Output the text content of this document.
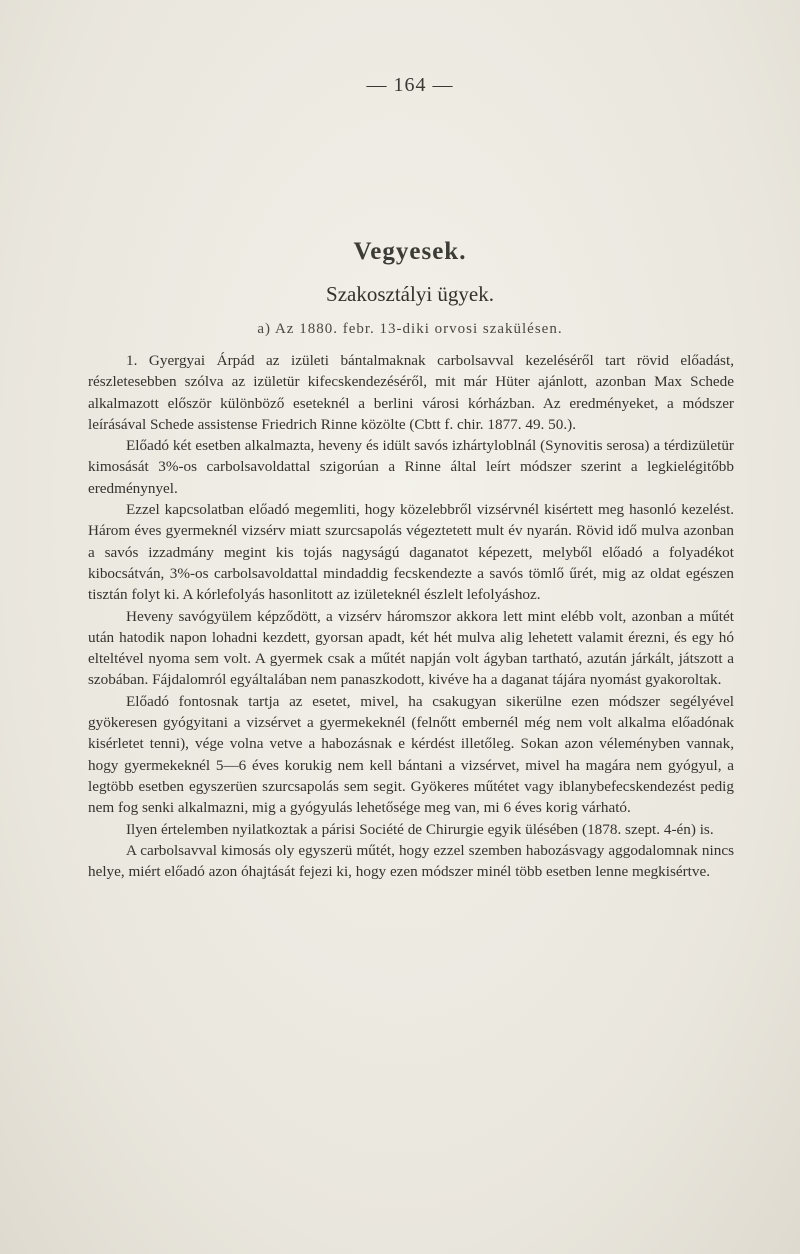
— 164 —
Vegyesek.
Szakosztályi ügyek.
a) Az 1880. febr. 13-diki orvosi szakülésen.

1. Gyergyai Árpád az izületi bántalmaknak carbolsavval kezeléséről tart rövid előadást, részletesebben szólva az izületür kifecskendezéséről, mit már Hüter ajánlott, azonban Max Schede alkalmazott először különböző eseteknél a berlini városi kórházban. Az eredményeket, a módszer leírásával Schede assistense Friedrich Rinne közölte (Cbtt f. chir. 1877. 49. 50.).

Előadó két esetben alkalmazta, heveny és idült savós izhártyloblnál (Synovitis serosa) a térdizületür kimosását 3%-os carbolsavoldattal szigorúan a Rinne által leírt módszer szerint a legkielégitőbb eredménynyel.

Ezzel kapcsolatban előadó megemliti, hogy közelebbről vizsérvnél kisértett meg hasonló kezelést. Három éves gyermeknél vizsérv miatt szurcsapolás végeztetett mult év nyarán. Rövid idő mulva azonban a savós izzadmány megint kis tojás nagyságú daganatot képezett, melyből előadó a folyadékot kibocsátván, 3%-os carbolsavoldattal mindaddig fecskendezte a savós tömlő űrét, mig az oldat egészen tisztán folyt ki. A kórlefolyás hasonlitott az izületeknél észlelt lefolyáshoz.

Heveny savógyülem képződött, a vizsérv háromszor akkora lett mint elébb volt, azonban a műtét után hatodik napon lohadni kezdett, gyorsan apadt, két hét mulva alig lehetett valamit érezni, és egy hó elteltével nyoma sem volt. A gyermek csak a műtét napján volt ágyban tartható, azután járkált, játszott a szobában. Fájdalomról egyáltalában nem panaszkodott, kivéve ha a daganat tájára nyomást gyakoroltak.

Előadó fontosnak tartja az esetet, mivel, ha csakugyan sikerülne ezen módszer segélyével gyökeresen gyógyitani a vizsérvet a gyermekeknél (felnőtt embernél még nem volt alkalma előadónak kisérletet tenni), vége volna vetve a habozásnak e kérdést illetőleg. Sokan azon véleményben vannak, hogy gyermekeknél 5—6 éves korukig nem kell bántani a vizsérvet, mivel ha magára nem gyógyul, a legtöbb esetben egyszerüen szurcsapolás sem segit. Gyökeres műtétet vagy iblanybefecskendezést pedig nem fog senki alkalmazni, mig a gyógyulás lehetősége meg van, mi 6 éves korig várható.

Ilyen értelemben nyilatkoztak a párisi Société de Chirurgie egyik ülésében (1878. szept. 4-én) is.

A carbolsavval kimosás oly egyszerü műtét, hogy ezzel szemben habozásvagy aggodalomnak nincs helye, miért előadó azon óhajtását fejezi ki, hogy ezen módszer minél több esetben lenne megkisértve.
